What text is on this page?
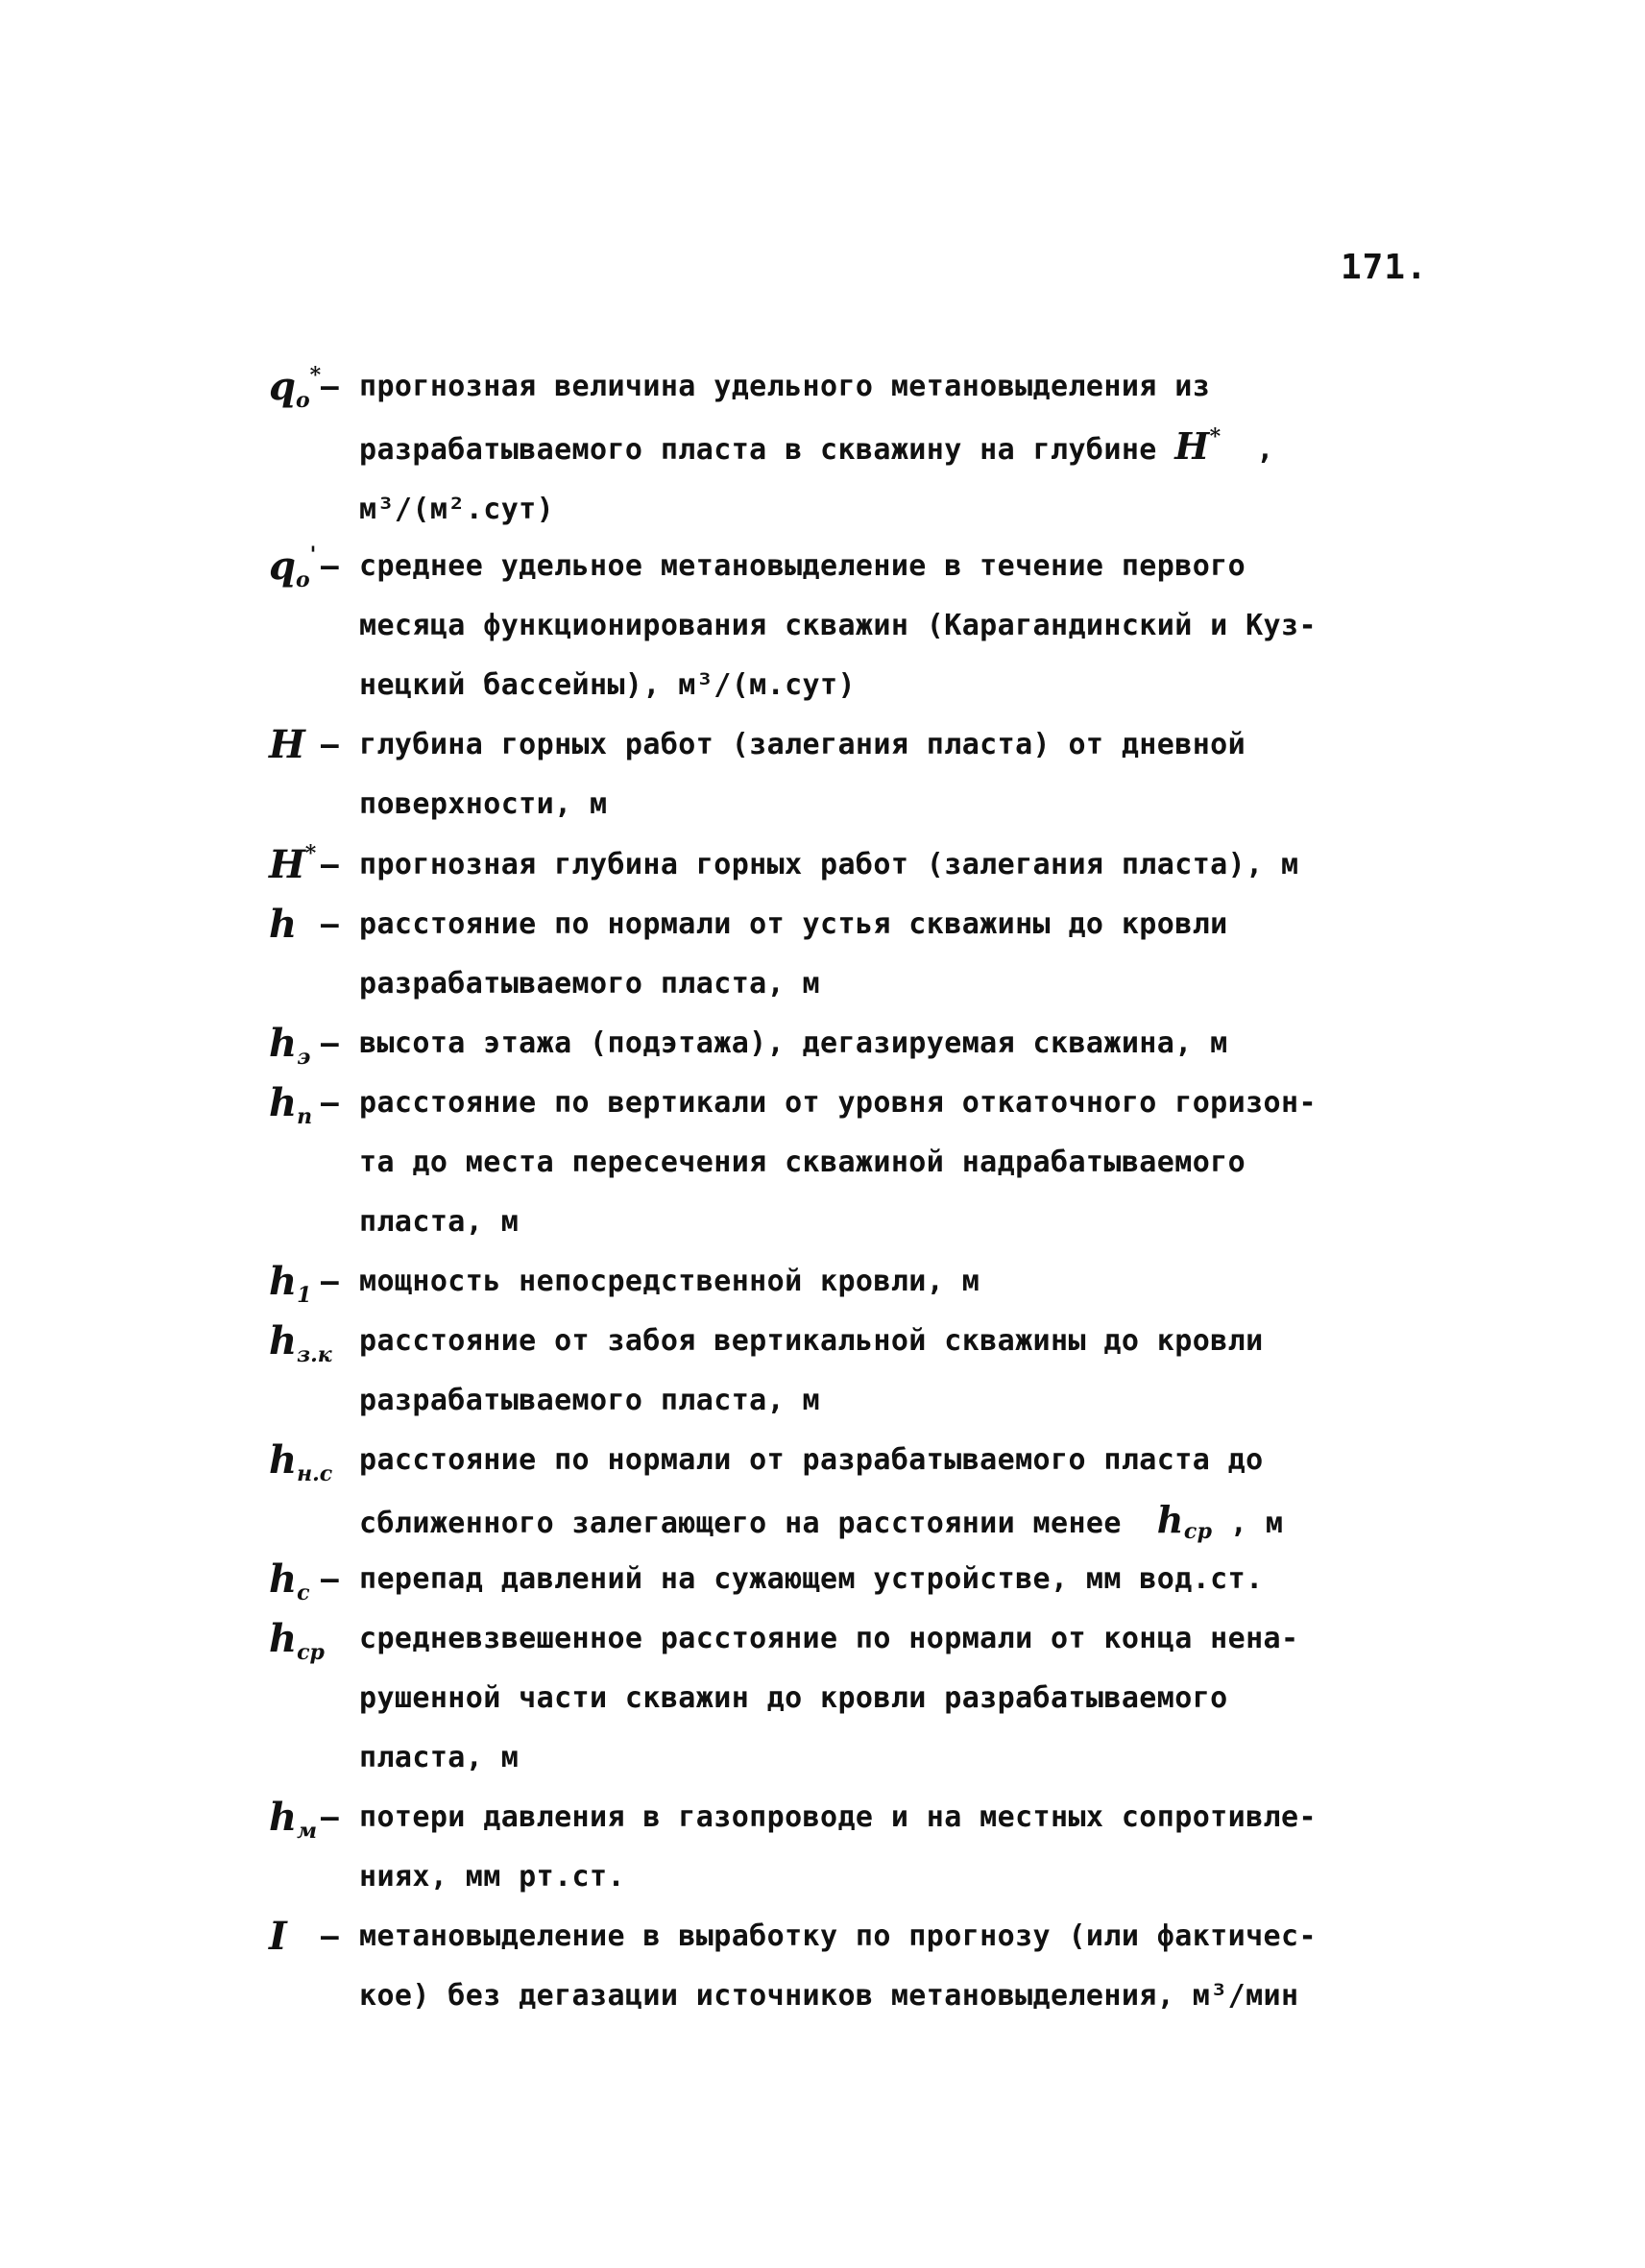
171.
$q_o^*$ – прогнозная величина удельного метановыделения из
разрабатываемого пласта в скважину на глубине H* ,
м³/(м².сут)
$q_o'$ – среднее удельное метановыделение в течение первого
месяца функционирования скважин (Карагандинский и Куз-
нецкий бассейны), м³/(м.сут)
H – глубина горных работ (залегания пласта) от дневной
поверхности, м
H* – прогнозная глубина горных работ (залегания пласта), м
h – расстояние по нормали от устья скважины до кровли
разрабатываемого пласта, м
$h_э$ – высота этажа (подэтажа), дегазируемая скважина, м
$h_п$ – расстояние по вертикали от уровня откаточного горизон-
та до места пересечения скважиной надрабатываемого
пласта, м
$h_1$ – мощность непосредственной кровли, м
$h_{з.к}$ расстояние от забоя вертикальной скважины до кровли
разрабатываемого пласта, м
$h_{н.с}$ расстояние по нормали от разрабатываемого пласта до
сближенного залегающего на расстоянии менее $h_{ср}$ , м
$h_с$ – перепад давлений на сужающем устройстве, мм вод.ст.
$h_{ср}$ средневзвешенное расстояние по нормали от конца нена-
рушенной части скважин до кровли разрабатываемого
пласта, м
$h_м$ – потери давления в газопроводе и на местных сопротивле-
ниях, мм рт.ст.
I	– метановыделение в выработку по прогнозу (или фактичес-
кое) без дегазации источников метановыделения, м³/мин
